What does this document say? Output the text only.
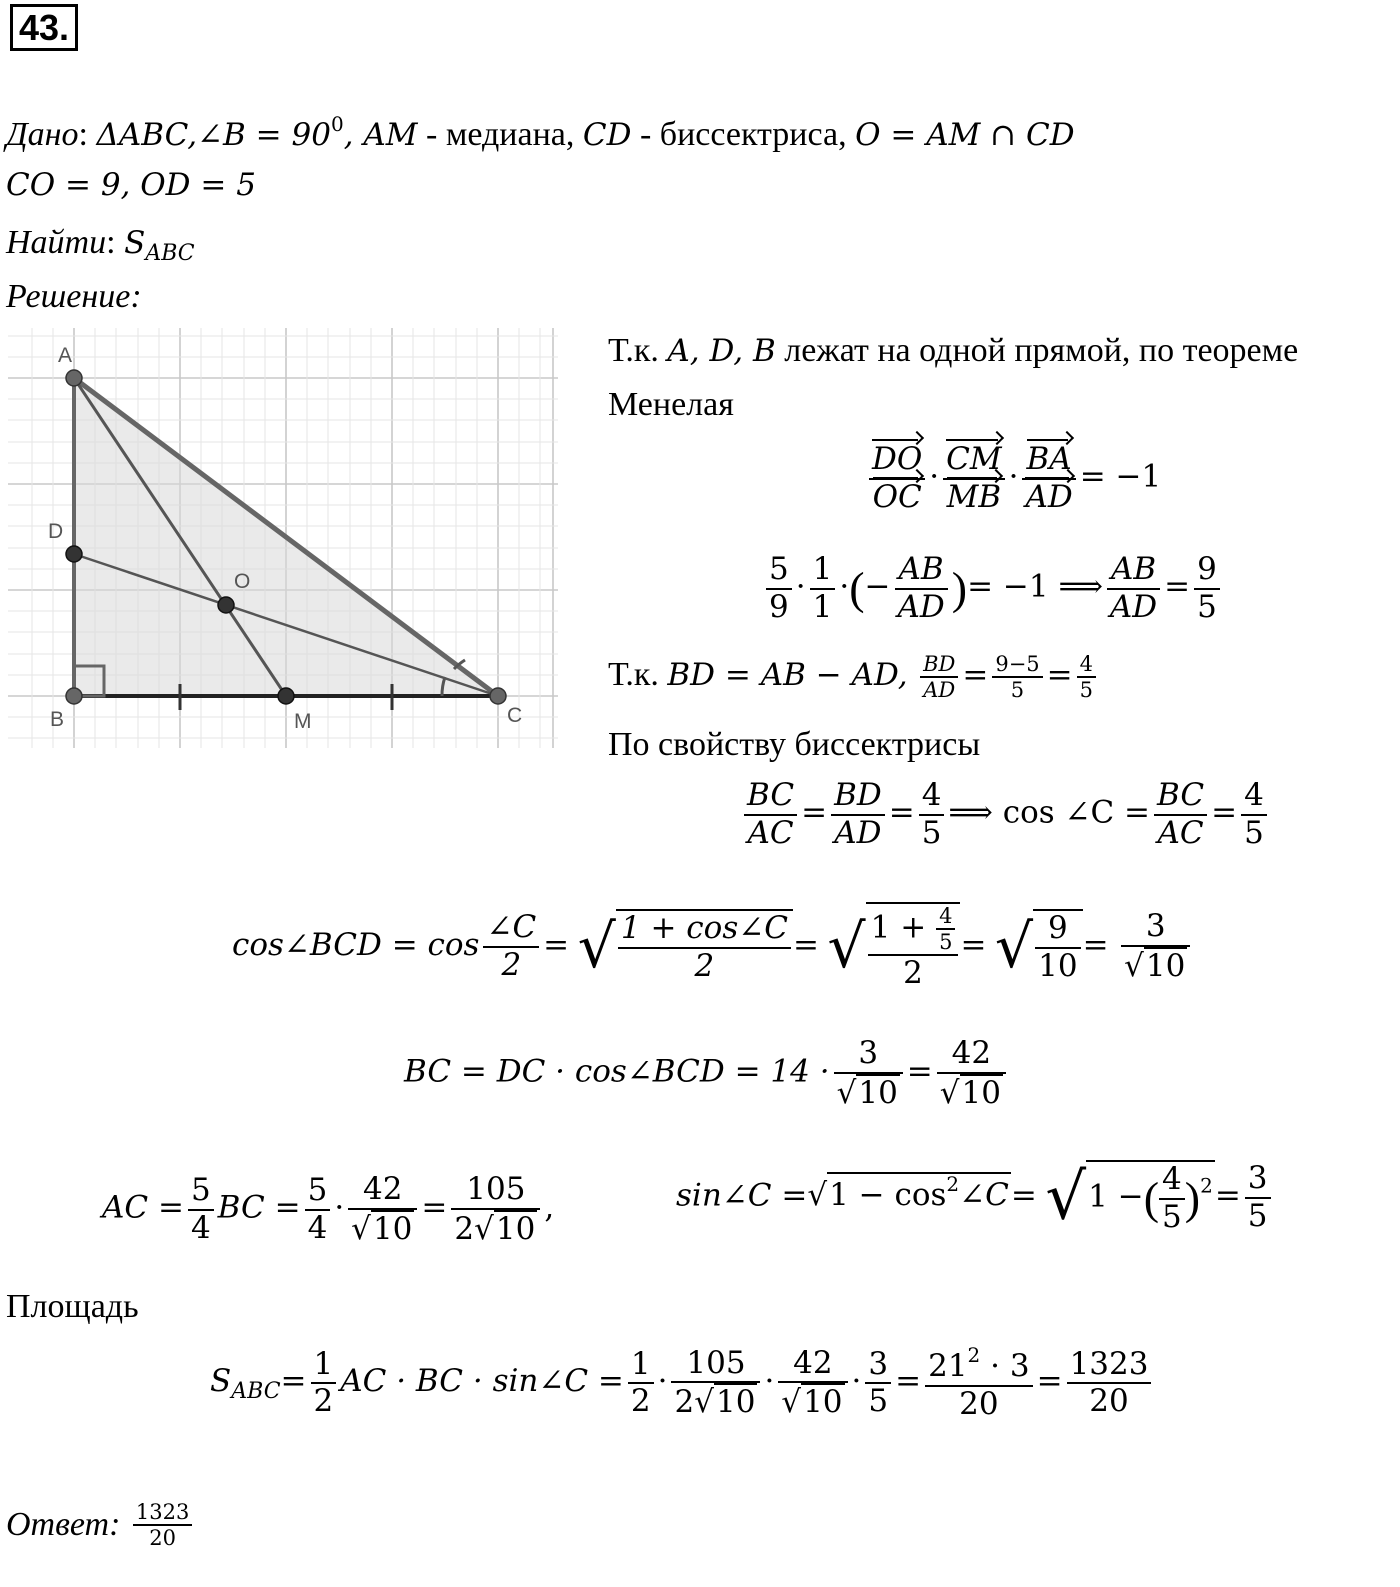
43.
Дано: ΔABC,∠B = $90^0$, AM - медиана, CD - биссектриса, O = AM ∩ CD
CO = 9, OD = 5
Найти: $S_{ABC}$
Решение:
A
B	C
D
M
O
Т.к. A, D, B лежат на одной прямой, по теореме
Менелая
$\frac{DO}{OC} \cdot \frac{CM}{MB} \cdot \frac{BA}{AD} = -1$
$\frac{5}{9} \cdot \frac{1}{1}$ ·(− $\frac{AB}{AD}$ )= −1 ⟹ $\frac{AB}{AD} = \frac{9}{5}$
Т.к. BD = AB − AD, $\frac{BD}{AD} = \frac{9-5}{5} = \frac{4}{5}$
По свойству биссектрисы
$\frac{BC}{AC} = \frac{BD}{AD} = \frac{4}{5}$ ⟹ cos ∠C = $\frac{BC}{AC} = \frac{4}{5}$
cos∠BCD = $\cos \frac{\angle C}{2}$ = √ $\frac{1 + \cos\angle C}{2}$ = √ $\frac{1 + \frac{4}{5}}{2}$ = √ $\frac{9}{10} = \frac{3}{√10}$
BC = DC · cos∠BCD = $14 \cdot \frac{3}{√10} = \frac{42}{√10}$
AC = $\frac{5}{4}$ BC = $\frac{5}{4} \cdot \frac{42}{√10} = \frac{105}{2√10}$ ,	sin∠C $=√1 - \cos^2\angle C= √1$ −( $\frac{4}{5} )^2= \frac{3}{5}$
Площадь
$S_{ABC}= \frac{1}{2}$ AC · BC · sin∠C = $\frac{1}{2} \cdot \frac{105}{2√10} \cdot \frac{42}{√10} \cdot \frac{3}{5} = \frac{21^2 \cdot 3}{20} = \frac{1323}{20}$
Ответ: $\frac{1323}{20}$
